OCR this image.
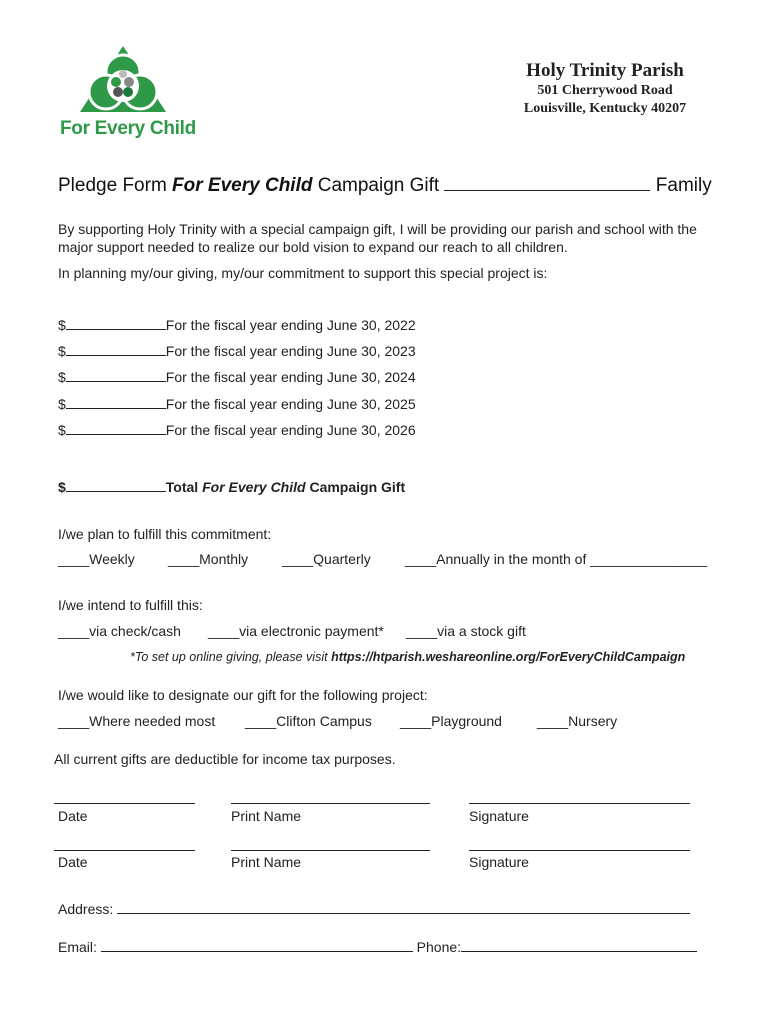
For Every Child
Holy Trinity Parish
501 Cherrywood Road
Louisville, Kentucky 40207
Pledge Form For Every Child Campaign Gift	Family
By supporting Holy Trinity with a special campaign gift, I will be providing our parish and school with the
major support needed to realize our bold vision to expand our reach to all children.
In planning my/our giving, my/our commitment to support this special project is:
$	For the fiscal year ending June 30, 2022
$	For the fiscal year ending June 30, 2023
$	For the fiscal year ending June 30, 2024
$	For the fiscal year ending June 30, 2025
$	For the fiscal year ending June 30, 2026
$	Total For Every Child Campaign Gift
I/we plan to fulfill this commitment:
____Weekly ____Monthly ____Quarterly ____Annually in the month of _______________
I/we intend to fulfill this:
____via check/cash ____via electronic payment* ____via a stock gift
*To set up online giving, please visit https://htparish.weshareonline.org/ForEveryChildCampaign
I/we would like to designate our gift for the following project:
____Where needed most ____Clifton Campus ____Playground	____Nursery
All current gifts are deductible for income tax purposes.
Date	Print Name	Signature
Date	Print Name	Signature
Address:
Email:	Phone:
